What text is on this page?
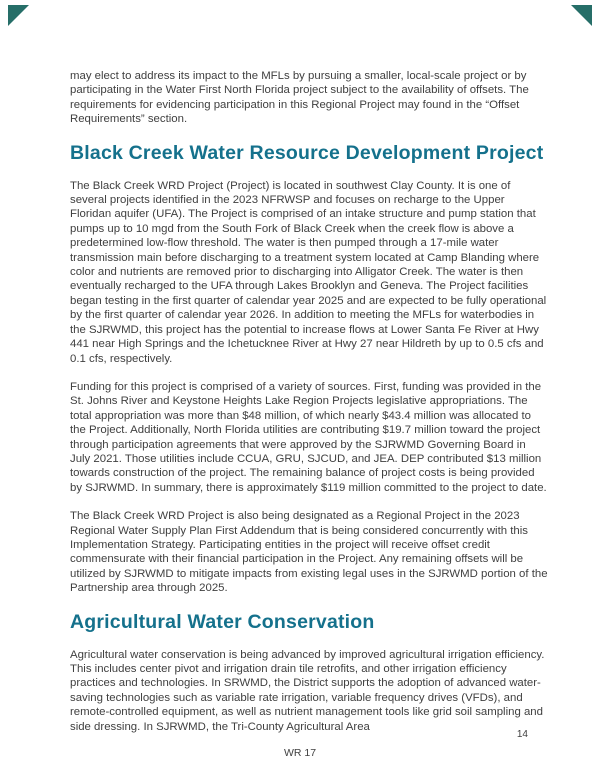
may elect to address its impact to the MFLs by pursuing a smaller, local-scale project or by participating in the Water First North Florida project subject to the availability of offsets. The requirements for evidencing participation in this Regional Project may found in the “Offset Requirements” section.

Black Creek Water Resource Development Project

The Black Creek WRD Project (Project) is located in southwest Clay County. It is one of several projects identified in the 2023 NFRWSP and focuses on recharge to the Upper Floridan aquifer (UFA). The Project is comprised of an intake structure and pump station that pumps up to 10 mgd from the South Fork of Black Creek when the creek flow is above a predetermined low-flow threshold. The water is then pumped through a 17-mile water transmission main before discharging to a treatment system located at Camp Blanding where color and nutrients are removed prior to discharging into Alligator Creek. The water is then eventually recharged to the UFA through Lakes Brooklyn and Geneva. The Project facilities began testing in the first quarter of calendar year 2025 and are expected to be fully operational by the first quarter of calendar year 2026. In addition to meeting the MFLs for waterbodies in the SJRWMD, this project has the potential to increase flows at Lower Santa Fe River at Hwy 441 near High Springs and the Ichetucknee River at Hwy 27 near Hildreth by up to 0.5 cfs and 0.1 cfs, respectively.

Funding for this project is comprised of a variety of sources. First, funding was provided in the St. Johns River and Keystone Heights Lake Region Projects legislative appropriations. The total appropriation was more than $48 million, of which nearly $43.4 million was allocated to the Project. Additionally, North Florida utilities are contributing $19.7 million toward the project through participation agreements that were approved by the SJRWMD Governing Board in July 2021. Those utilities include CCUA, GRU, SJCUD, and JEA. DEP contributed $13 million towards construction of the project. The remaining balance of project costs is being provided by SJRWMD. In summary, there is approximately $119 million committed to the project to date.

The Black Creek WRD Project is also being designated as a Regional Project in the 2023 Regional Water Supply Plan First Addendum that is being considered concurrently with this Implementation Strategy. Participating entities in the project will receive offset credit commensurate with their financial participation in the Project. Any remaining offsets will be utilized by SJRWMD to mitigate impacts from existing legal uses in the SJRWMD portion of the Partnership area through 2025.

Agricultural Water Conservation

Agricultural water conservation is being advanced by improved agricultural irrigation efficiency. This includes center pivot and irrigation drain tile retrofits, and other irrigation efficiency practices and technologies. In SRWMD, the District supports the adoption of advanced water-saving technologies such as variable rate irrigation, variable frequency drives (VFDs), and remote-controlled equipment, as well as nutrient management tools like grid soil sampling and side dressing. In SJRWMD, the Tri-County Agricultural Area

14
WR 17
